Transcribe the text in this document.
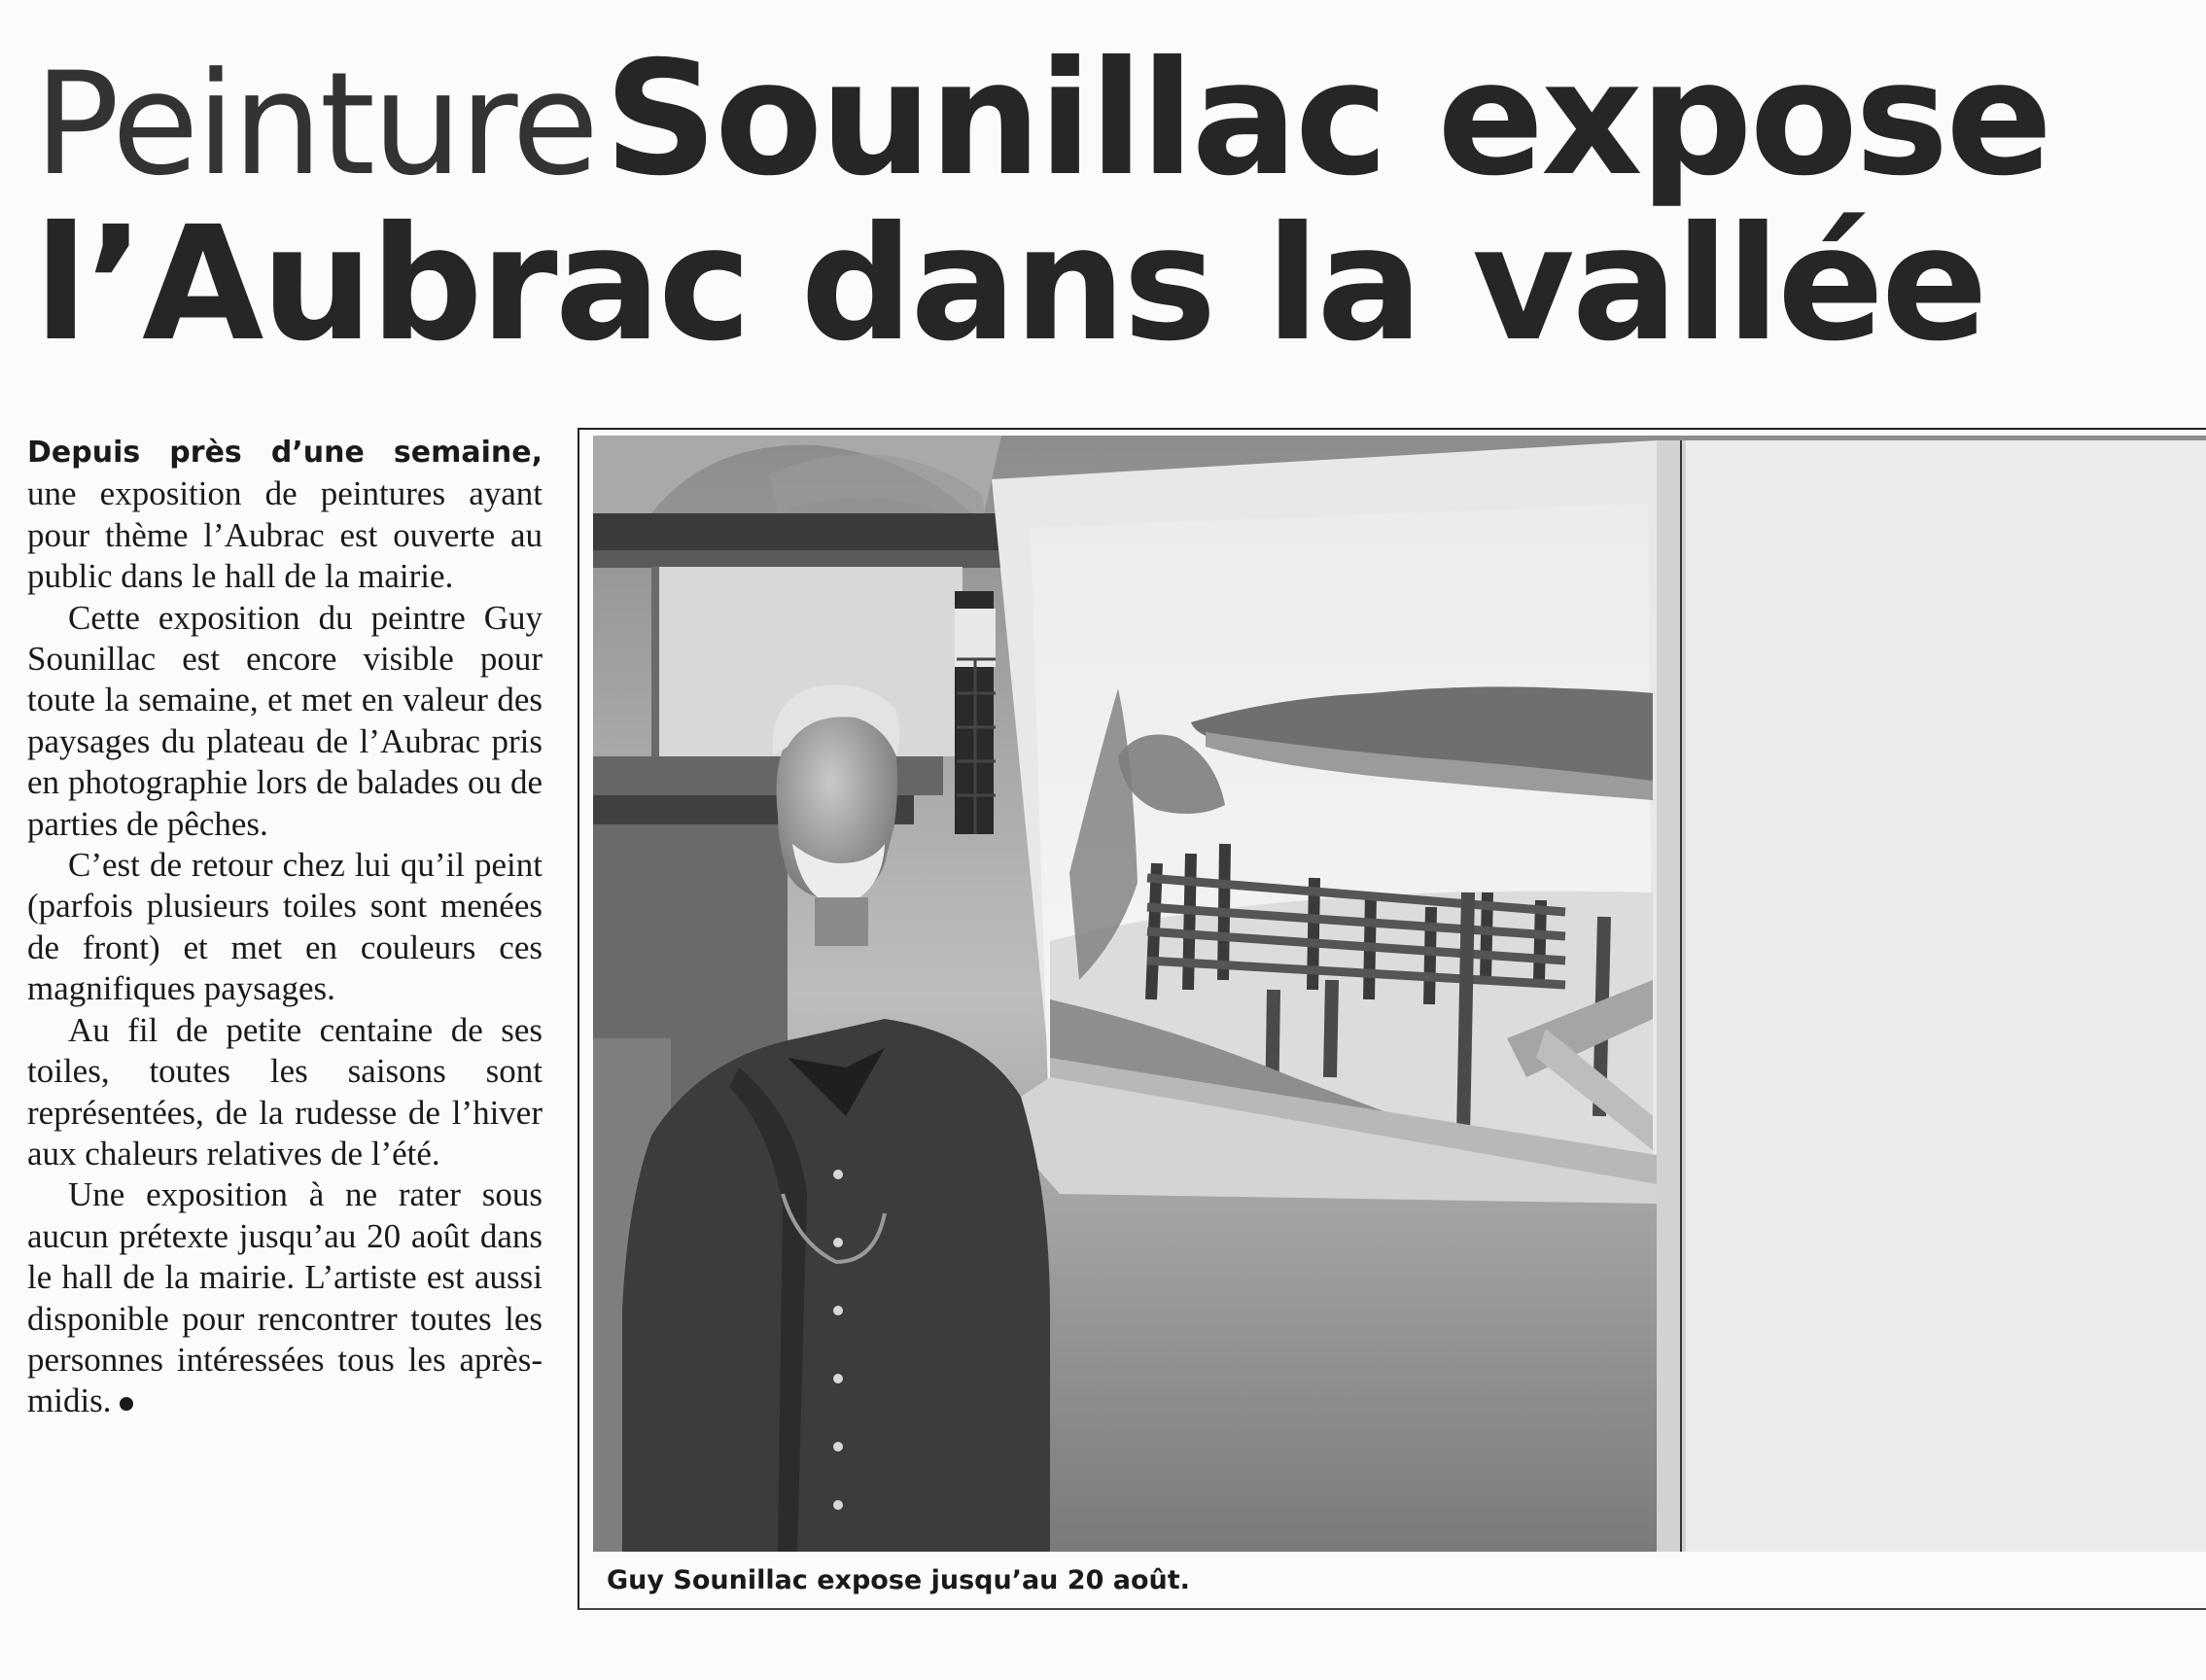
Peinture Sounillac expose
l’Aubrac dans la vallée

Depuis près d’une semaine, une exposition de peintures ayant pour thème l’Aubrac est ouverte au public dans le hall de la mairie.

Cette exposition du peintre Guy Sounillac est encore visible pour toute la semaine, et met en valeur des paysages du plateau de l’Aubrac pris en photographie lors de balades ou de parties de pêches.

C’est de retour chez lui qu’il peint (parfois plusieurs toiles sont menées de front) et met en couleurs ces magnifiques paysages.

Au fil de petite centaine de ses toiles, toutes les saisons sont représentées, de la rudesse de l’hiver aux chaleurs relatives de l’été.

Une exposition à ne rater sous aucun prétexte jusqu’au 20 août dans le hall de la mairie. L’artiste est aussi disponible pour rencontrer toutes les personnes intéressées tous les après-midis.

Guy Sounillac expose jusqu’au 20 août.
